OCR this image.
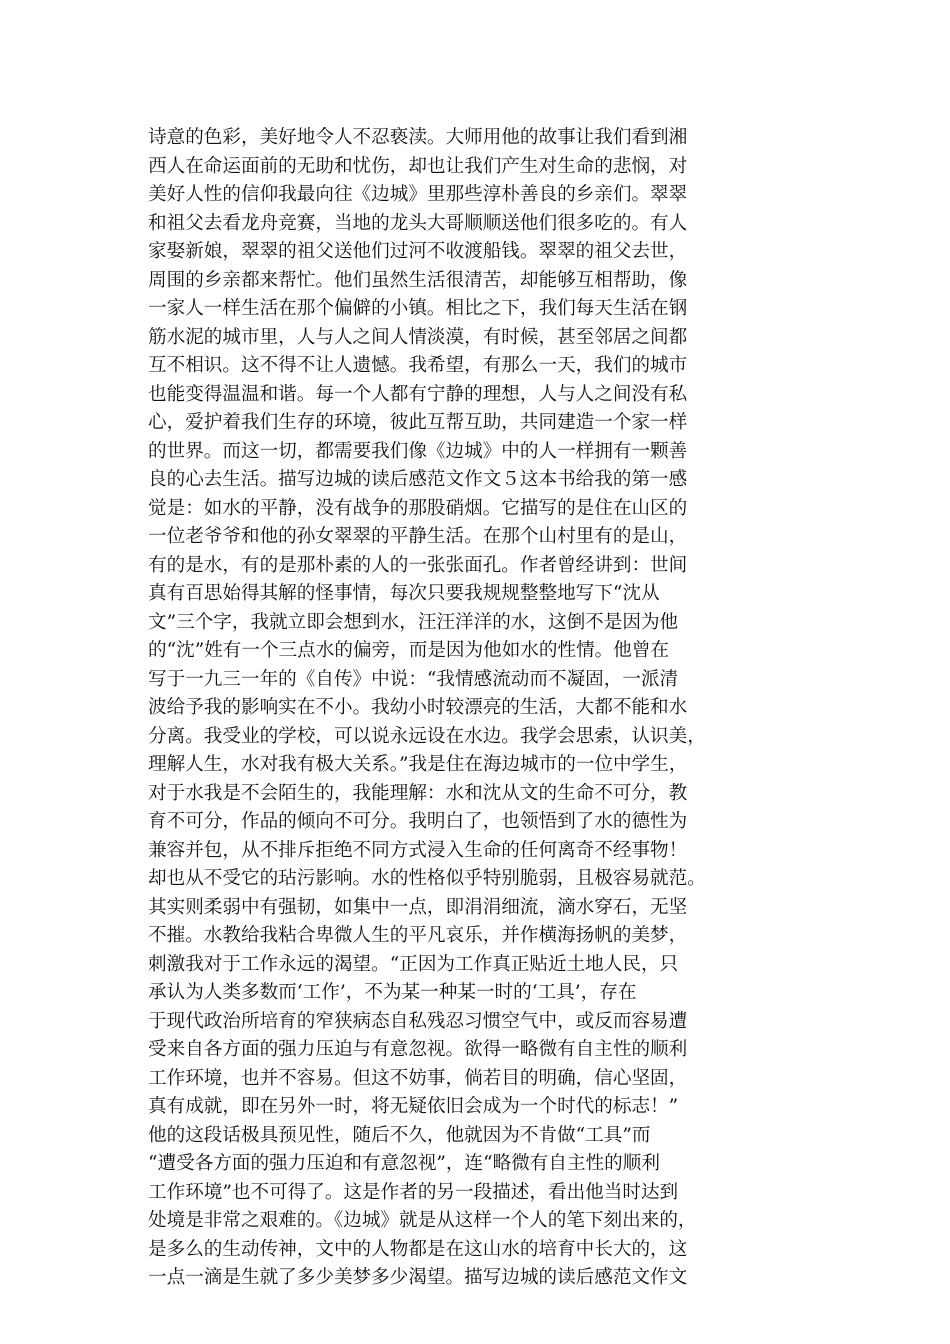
诗意的色彩，美好地令人不忍亵渎。大师用他的故事让我们看到湘
西人在命运面前的无助和忧伤，却也让我们产生对生命的悲悯，对
美好人性的信仰我最向往《边城》里那些淳朴善良的乡亲们。翠翠
和祖父去看龙舟竞赛，当地的龙头大哥顺顺送他们很多吃的。有人
家娶新娘，翠翠的祖父送他们过河不收渡船钱。翠翠的祖父去世，
周围的乡亲都来帮忙。他们虽然生活很清苦，却能够互相帮助，像
一家人一样生活在那个偏僻的小镇。相比之下，我们每天生活在钢
筋水泥的城市里，人与人之间人情淡漠，有时候，甚至邻居之间都
互不相识。这不得不让人遗憾。我希望，有那么一天，我们的城市
也能变得温温和谐。每一个人都有宁静的理想，人与人之间没有私
心，爱护着我们生存的环境，彼此互帮互助，共同建造一个家一样
的世界。而这一切，都需要我们像《边城》中的人一样拥有一颗善
良的心去生活。描写边城的读后感范文作文５这本书给我的第一感
觉是：如水的平静，没有战争的那股硝烟。它描写的是住在山区的
一位老爷爷和他的孙女翠翠的平静生活。在那个山村里有的是山，
有的是水，有的是那朴素的人的一张张面孔。作者曾经讲到：世间
真有百思始得其解的怪事情，每次只要我规规整整地写下“沈从
文”三个字，我就立即会想到水，汪汪洋洋的水，这倒不是因为他
的“沈”姓有一个三点水的偏旁，而是因为他如水的性情。他曾在
写于一九三一年的《自传》中说：“我情感流动而不凝固，一派清
波给予我的影响实在不小。我幼小时较漂亮的生活，大都不能和水
分离。我受业的学校，可以说永远设在水边。我学会思索，认识美，
理解人生，水对我有极大关系。”我是住在海边城市的一位中学生，
对于水我是不会陌生的，我能理解：水和沈从文的生命不可分，教
育不可分，作品的倾向不可分。我明白了，也领悟到了水的德性为
兼容并包，从不排斥拒绝不同方式浸入生命的任何离奇不经事物！
却也从不受它的玷污影响。水的性格似乎特别脆弱，且极容易就范。
其实则柔弱中有强韧，如集中一点，即涓涓细流，滴水穿石，无坚
不摧。水教给我粘合卑微人生的平凡哀乐，并作横海扬帆的美梦，
刺激我对于工作永远的渴望。“正因为工作真正贴近土地人民，只
承认为人类多数而‘工作’，不为某一种某一时的‘工具’，存在
于现代政治所培育的窄狭病态自私残忍习惯空气中，或反而容易遭
受来自各方面的强力压迫与有意忽视。欲得一略微有自主性的顺利
工作环境，也并不容易。但这不妨事，倘若目的明确，信心坚固，
真有成就，即在另外一时，将无疑依旧会成为一个时代的标志！”
他的这段话极具预见性，随后不久，他就因为不肯做“工具”而
“遭受各方面的强力压迫和有意忽视”，连“略微有自主性的顺利
工作环境”也不可得了。这是作者的另一段描述，看出他当时达到
处境是非常之艰难的。《边城》就是从这样一个人的笔下刻出来的，
是多么的生动传神，文中的人物都是在这山水的培育中长大的，这
一点一滴是生就了多少美梦多少渴望。描写边城的读后感范文作文
